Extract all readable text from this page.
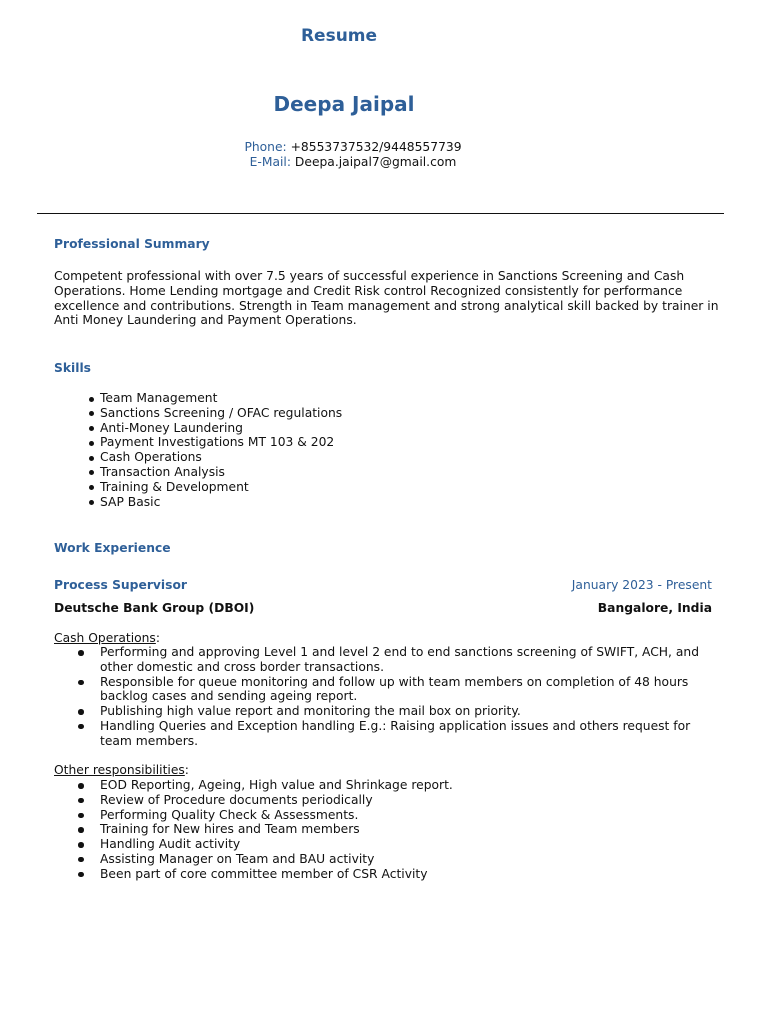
Resume
Deepa Jaipal
Phone: +8553737532/9448557739
E-Mail: Deepa.jaipal7@gmail.com
Professional Summary

Competent professional with over 7.5 years of successful experience in Sanctions Screening and Cash Operations. Home Lending mortgage and Credit Risk control Recognized consistently for performance excellence and contributions. Strength in Team management and strong analytical skill backed by trainer in Anti Money Laundering and Payment Operations.

Skills
Team Management
Sanctions Screening / OFAC regulations
Anti-Money Laundering
Payment Investigations MT 103 & 202
Cash Operations
Transaction Analysis
Training & Development
SAP Basic
Work Experience
Process Supervisor	January 2023 - Present
Deutsche Bank Group (DBOI)	Bangalore, India
Cash Operations:
Performing and approving Level 1 and level 2 end to end sanctions screening of SWIFT, ACH, and other domestic and cross border transactions.
Responsible for queue monitoring and follow up with team members on completion of 48 hours backlog cases and sending ageing report.
Publishing high value report and monitoring the mail box on priority.
Handling Queries and Exception handling E.g.: Raising application issues and others request for team members.
Other responsibilities:
EOD Reporting, Ageing, High value and Shrinkage report.
Review of Procedure documents periodically
Performing Quality Check & Assessments.
Training for New hires and Team members
Handling Audit activity
Assisting Manager on Team and BAU activity
Been part of core committee member of CSR Activity
